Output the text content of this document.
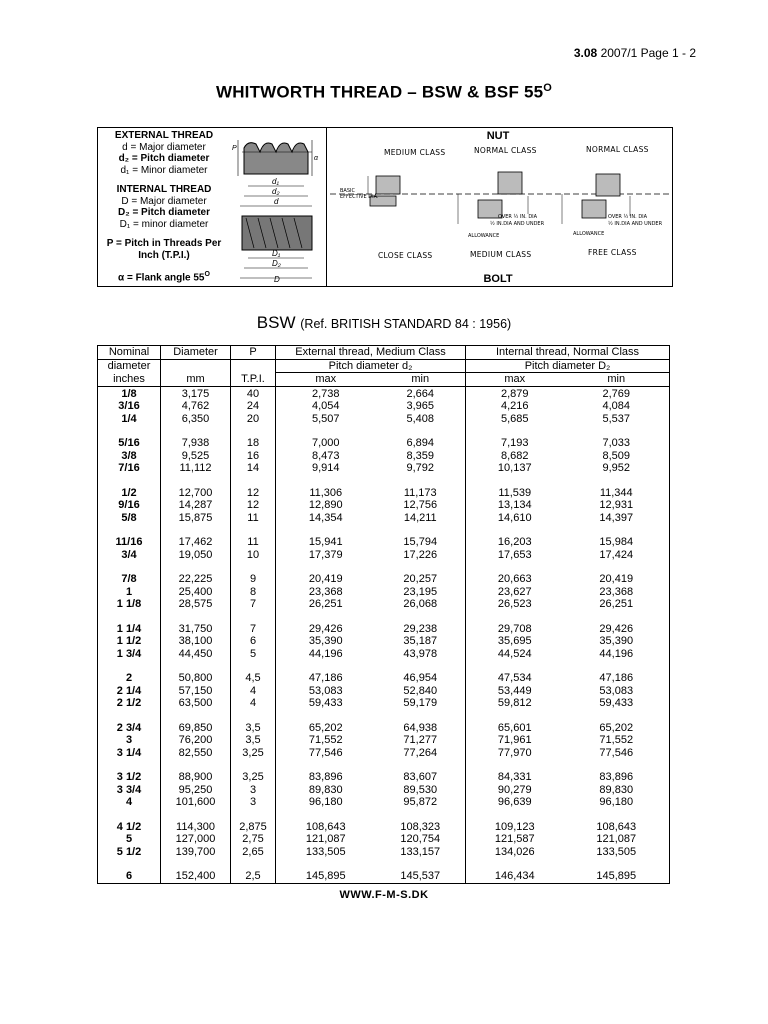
3.08 2007/1 Page 1 - 2
WHITWORTH THREAD – BSW & BSF $55^O$
EXTERNAL THREAD
d = Major diameter
d₂ = Pitch diameter
d₁ = Minor diameter
INTERNAL THREAD
D = Major diameter
D₂ = Pitch diameter
D₁ = minor diameter
P = Pitch in Threads Per
Inch (T.P.I.)
α = Flank angle $55^O$
d₁
d₂
d
P
α
D₁
D₂
D
NUT
MEDIUM CLASS	NORMAL CLASS	NORMAL CLASS
BASIC EFFECTIVE DIA.
OVER ½ IN. DIA
½ IN.DIA AND UNDER
ALLOWANCE
OVER ½ IN. DIA
½ IN.DIA AND UNDER
ALLOWANCE
CLOSE CLASS	MEDIUM CLASS	FREE CLASS
BOLT
BSW (Ref. BRITISH STANDARD 84 : 1956)
Nominal	Diameter	P	External thread, Medium Class		Internal thread, Normal Class	
diameter			Pitch diameter d₂		Pitch diameter D₂	
inches	mm	T.P.I.	max	min	max	min
1/8	3,175	40	2,738	2,664	2,879	2,769
3/16	4,762	24	4,054	3,965	4,216	4,084
1/4	6,350	20	5,507	5,408	5,685	5,537
5/16	7,938	18	7,000	6,894	7,193	7,033
3/8	9,525	16	8,473	8,359	8,682	8,509
7/16	11,112	14	9,914	9,792	10,137	9,952
1/2	12,700	12	11,306	11,173	11,539	11,344
9/16	14,287	12	12,890	12,756	13,134	12,931
5/8	15,875	11	14,354	14,211	14,610	14,397
11/16	17,462	11	15,941	15,794	16,203	15,984
3/4	19,050	10	17,379	17,226	17,653	17,424
7/8	22,225	9	20,419	20,257	20,663	20,419
1	25,400	8	23,368	23,195	23,627	23,368
1 1/8	28,575	7	26,251	26,068	26,523	26,251
1 1/4	31,750	7	29,426	29,238	29,708	29,426
1 1/2	38,100	6	35,390	35,187	35,695	35,390
1 3/4	44,450	5	44,196	43,978	44,524	44,196
2	50,800	4,5	47,186	46,954	47,534	47,186
2 1/4	57,150	4	53,083	52,840	53,449	53,083
2 1/2	63,500	4	59,433	59,179	59,812	59,433
2 3/4	69,850	3,5	65,202	64,938	65,601	65,202
3	76,200	3,5	71,552	71,277	71,961	71,552
3 1/4	82,550	3,25	77,546	77,264	77,970	77,546
3 1/2	88,900	3,25	83,896	83,607	84,331	83,896
3 3/4	95,250	3	89,830	89,530	90,279	89,830
4	101,600	3	96,180	95,872	96,639	96,180
4 1/2	114,300	2,875	108,643	108,323	109,123	108,643
5	127,000	2,75	121,087	120,754	121,587	121,087
5 1/2	139,700	2,65	133,505	133,157	134,026	133,505
6	152,400	2,5	145,895	145,537	146,434	145,895
WWW.F-M-S.DK
